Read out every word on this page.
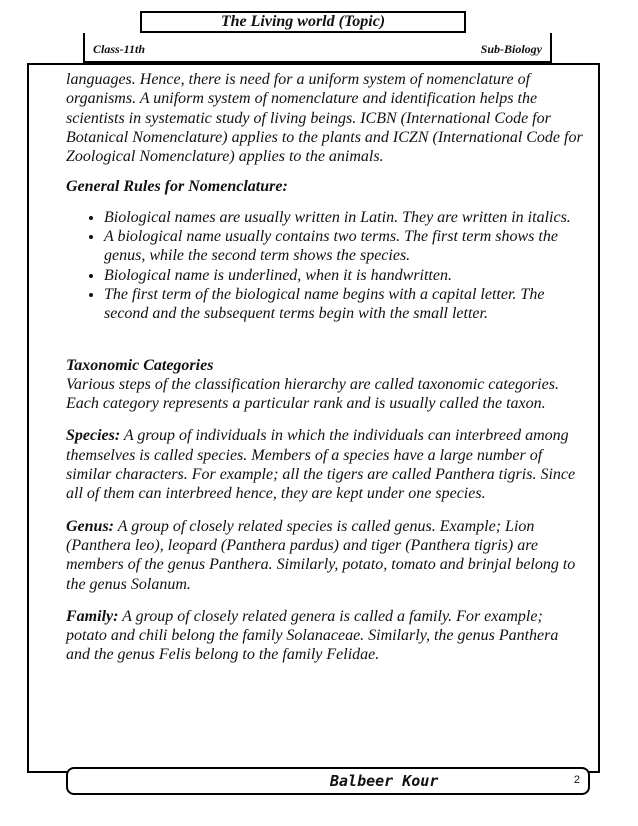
The Living world (Topic)
Class-11th	Sub-Biology

languages. Hence, there is need for a uniform system of nomenclature of organisms. A uniform system of nomenclature and identification helps the scientists in systematic study of living beings. ICBN (International Code for Botanical Nomenclature) applies to the plants and ICZN (International Code for Zoological Nomenclature) applies to the animals.

General Rules for Nomenclature:

• Biological names are usually written in Latin. They are written in italics.
• A biological name usually contains two terms. The first term shows the genus, while the second term shows the species.
• Biological name is underlined, when it is handwritten.
• The first term of the biological name begins with a capital letter. The second and the subsequent terms begin with the small letter.

Taxonomic Categories

Various steps of the classification hierarchy are called taxonomic categories. Each category represents a particular rank and is usually called the taxon.

Species: A group of individuals in which the individuals can interbreed among themselves is called species. Members of a species have a large number of similar characters. For example; all the tigers are called Panthera tigris. Since all of them can interbreed hence, they are kept under one species.

Genus: A group of closely related species is called genus. Example; Lion (Panthera leo), leopard (Panthera pardus) and tiger (Panthera tigris) are members of the genus Panthera. Similarly, potato, tomato and brinjal belong to the genus Solanum.

Family: A group of closely related genera is called a family. For example; potato and chili belong the family Solanaceae. Similarly, the genus Panthera and the genus Felis belong to the family Felidae.

Balbeer Kour	2
